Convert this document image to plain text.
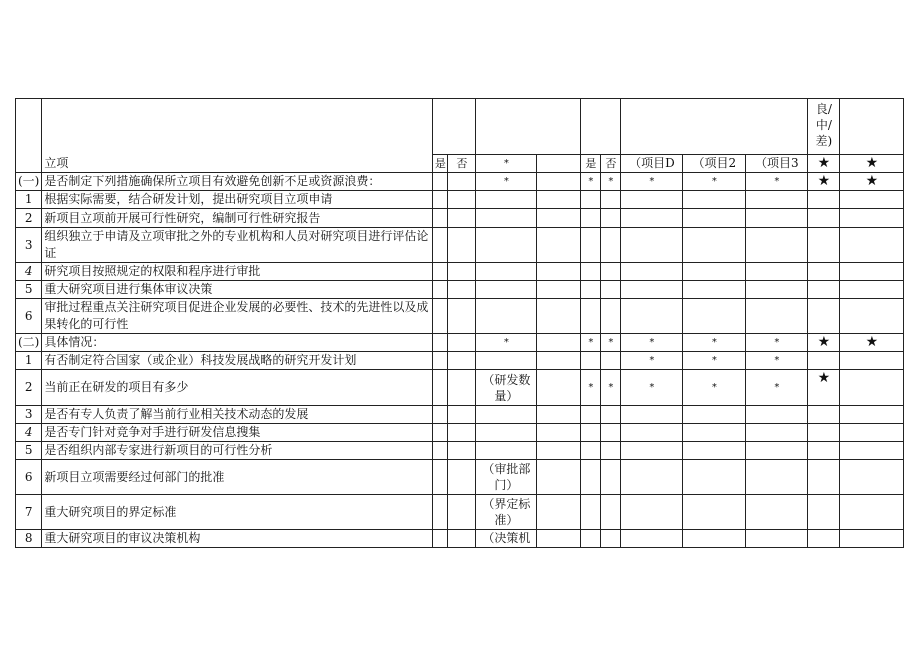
											良/
中/
差)	

	立项	是	否	*		是	否	（项目D	（项目2	（项目3	★	★
(一)	是否制定下列措施确保所立项目有效避免创新不足或资源浪费：			*		*	*	*	*	*	★	★
1	根据实际需要，结合研发计划，提出研究项目立项申请											
2	新项目立项前开展可行性研究，编制可行性研究报告											
3	组织独立于申请及立项审批之外的专业机构和人员对研究项目进行评估论证											
4	研究项目按照规定的权限和程序进行审批											
5	重大研究项目进行集体审议决策											
6	审批过程重点关注研究项目促进企业发展的必要性、技术的先进性以及成果转化的可行性											
(二)	具体情况：			*		*	*	*	*	*	★	★
1	有否制定符合国家（或企业）科技发展战略的研究开发计划							*	*	*		
2	当前正在研发的项目有多少			（研发数量）		*	*	*	*	*	★	
3	是否有专人负责了解当前行业相关技术动态的发展											
4	是否专门针对竞争对手进行研发信息搜集											
5	是否组织内部专家进行新项目的可行性分析											
6	新项目立项需要经过何部门的批准			（审批部门）								
7	重大研究项目的界定标准			（界定标准）								
8	重大研究项目的审议决策机构			（决策机								
